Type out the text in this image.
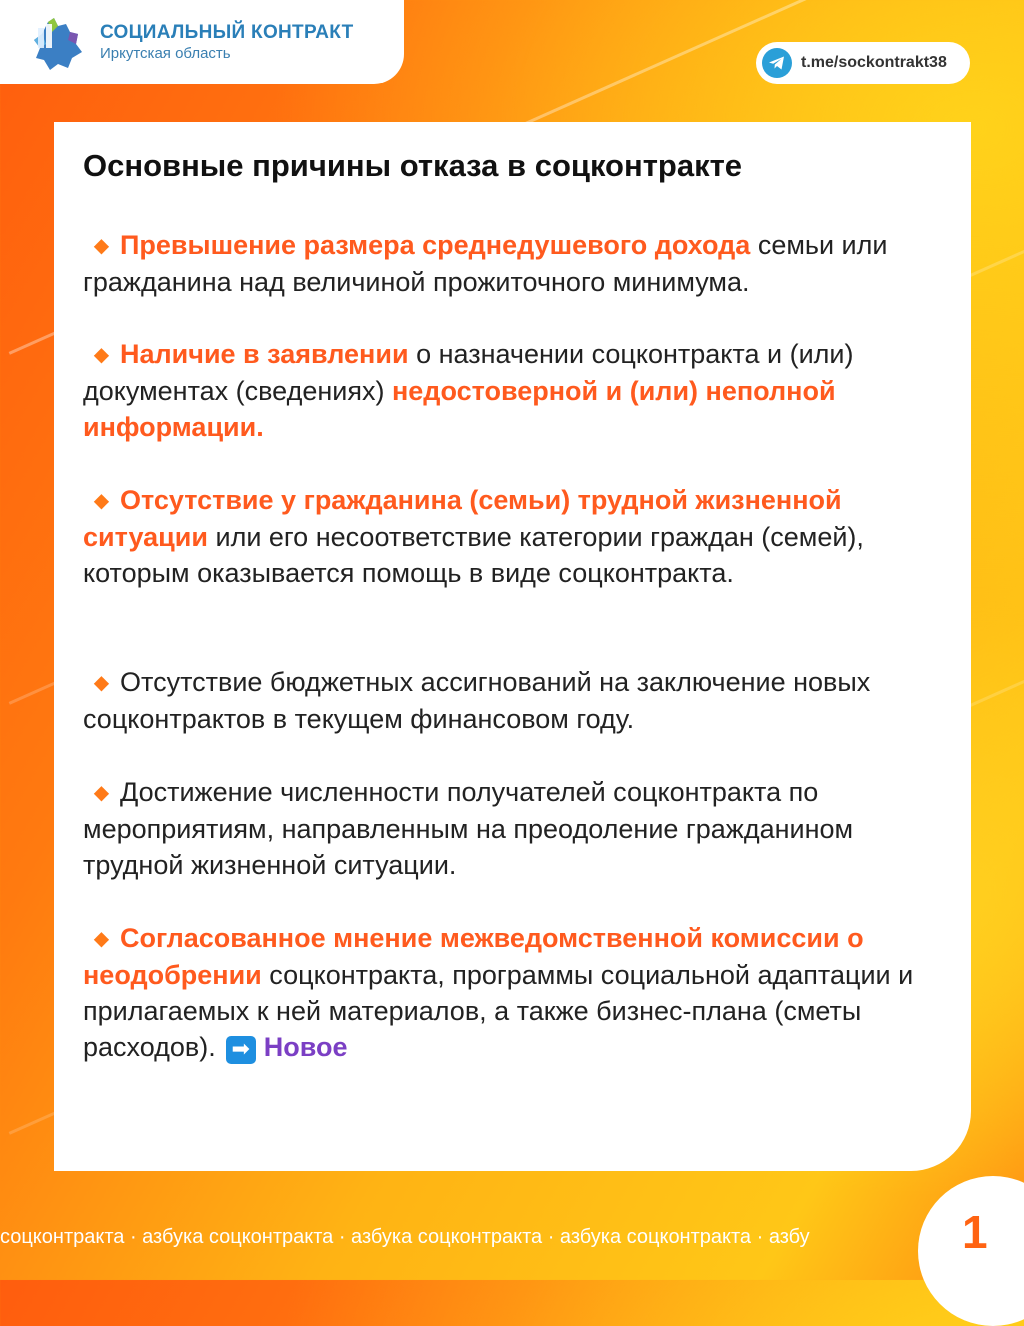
СОЦИАЛЬНЫЙ КОНТРАКТ
Иркутская область
t.me/sockontrakt38
Основные причины отказа в соцконтракте

◆ Превышение размера среднедушевого дохода семьи или гражданина над величиной прожиточного минимума.

◆ Наличие в заявлении о назначении соцконтракта и (или) документах (сведениях) недостоверной и (или) неполной информации.

◆ Отсутствие у гражданина (семьи) трудной жизненной ситуации или его несоответствие категории граждан (семей), которым оказывается помощь в виде соцконтракта.

◆ Отсутствие бюджетных ассигнований на заключение новых соцконтрактов в текущем финансовом году.

◆ Достижение численности получателей соцконтракта по мероприятиям, направленным на преодоление гражданином трудной жизненной ситуации.

◆ Согласованное мнение межведомственной комиссии о неодобрении соцконтракта, программы социальной адаптации и прилагаемых к ней материалов, а также бизнес-плана (сметы расходов). ➡ Новое

соцконтракта · азбука соцконтракта · азбука соцконтракта · азбука соцконтракта · азбу	1
